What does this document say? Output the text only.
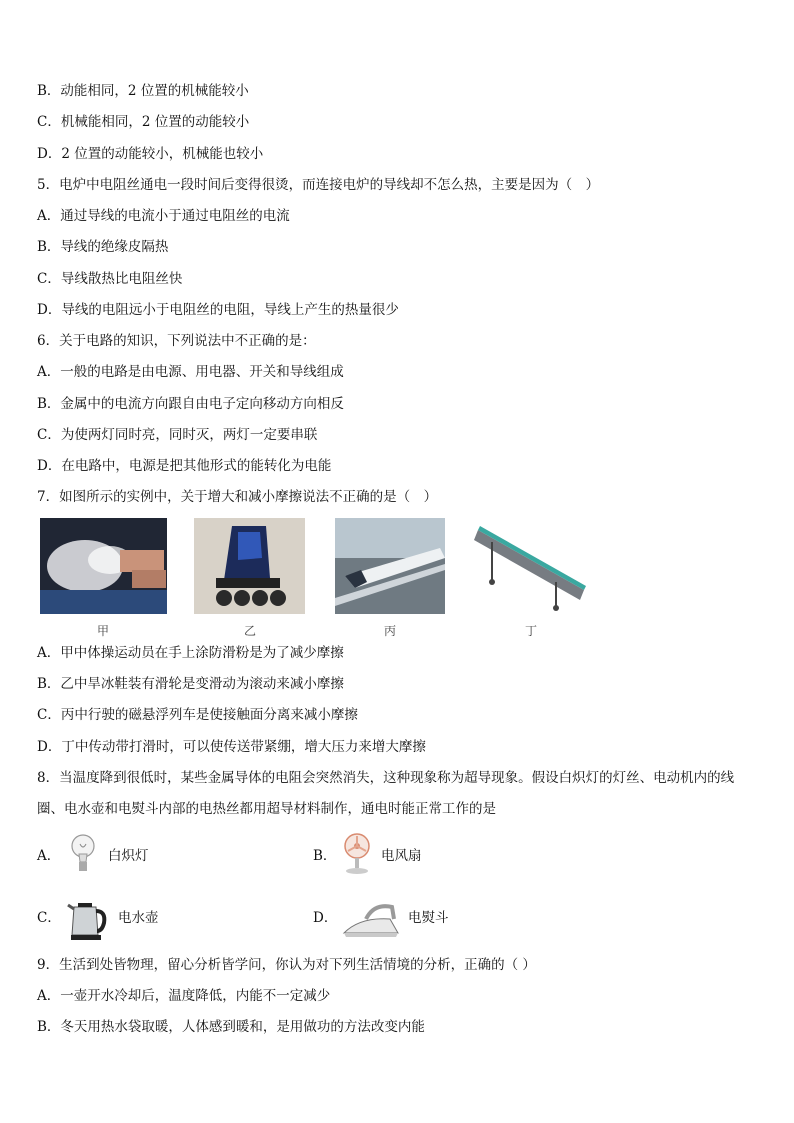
B．动能相同，2 位置的机械能较小
C．机械能相同，2 位置的动能较小
D．2 位置的动能较小，机械能也较小
5．电炉中电阻丝通电一段时间后变得很烫，而连接电炉的导线却不怎么热，主要是因为（　）
A．通过导线的电流小于通过电阻丝的电流
B．导线的绝缘皮隔热
C．导线散热比电阻丝快
D．导线的电阻远小于电阻丝的电阻，导线上产生的热量很少
6．关于电路的知识，下列说法中不正确的是：
A．一般的电路是由电源、用电器、开关和导线组成
B．金属中的电流方向跟自由电子定向移动方向相反
C．为使两灯同时亮，同时灭，两灯一定要串联
D．在电路中，电源是把其他形式的能转化为电能
7．如图所示的实例中，关于增大和减小摩擦说法不正确的是（　）
甲	乙	丙	丁
A．甲中体操运动员在手上涂防滑粉是为了减少摩擦
B．乙中旱冰鞋装有滑轮是变滑动为滚动来减小摩擦
C．丙中行驶的磁悬浮列车是使接触面分离来减小摩擦
D．丁中传动带打滑时，可以使传送带紧绷，增大压力来增大摩擦
8．当温度降到很低时，某些金属导体的电阻会突然消失，这种现象称为超导现象。假设白炽灯的灯丝、电动机内的线
圈、电水壶和电熨斗内部的电热丝都用超导材料制作，通电时能正常工作的是
A．	白炽灯	B．	电风扇
C．	电水壶	D．	电熨斗
9．生活到处皆物理，留心分析皆学问，你认为对下列生活情境的分析，正确的（ ）
A．一壶开水冷却后，温度降低，内能不一定减少
B．冬天用热水袋取暖，人体感到暖和，是用做功的方法改变内能
